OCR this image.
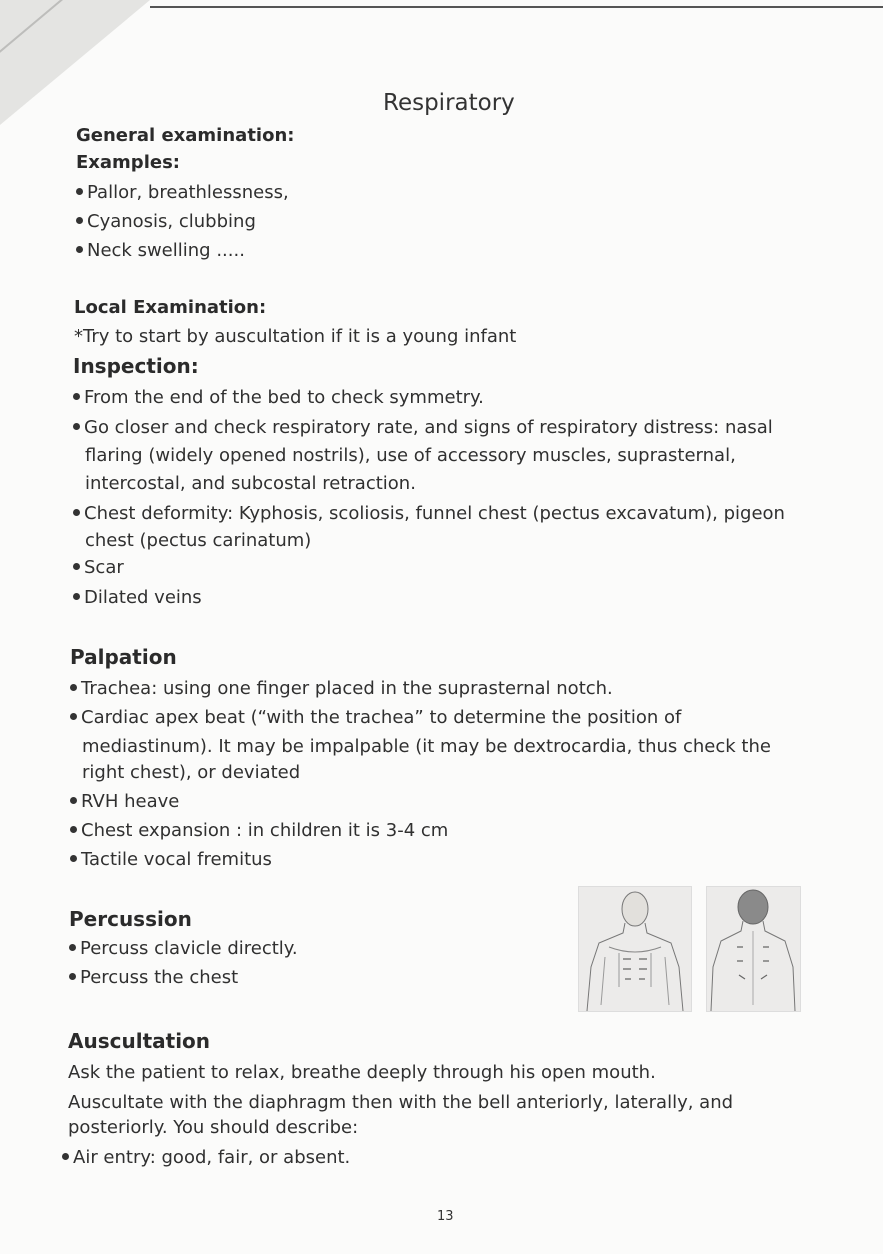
Respiratory
General examination:
Examples:
Pallor, breathlessness,
Cyanosis, clubbing
Neck swelling .....
Local Examination:
*Try to start by auscultation if it is a young infant
Inspection:
From the end of the bed to check symmetry.
Go closer and check respiratory rate, and signs of respiratory distress: nasal
flaring (widely opened nostrils), use of accessory muscles, suprasternal,
intercostal, and subcostal retraction.
Chest deformity: Kyphosis, scoliosis, funnel chest (pectus excavatum), pigeon
chest (pectus carinatum)
Scar
Dilated veins
Palpation
Trachea: using one finger placed in the suprasternal notch.
Cardiac apex beat (“with the trachea” to determine the position of
mediastinum). It may be impalpable (it may be dextrocardia, thus check the
right chest), or deviated
RVH heave
Chest expansion : in children it is 3-4 cm
Tactile vocal fremitus
Percussion
Percuss clavicle directly.
Percuss the chest
Auscultation
Ask the patient to relax, breathe deeply through his open mouth.
Auscultate with the diaphragm then with the bell anteriorly, laterally, and
posteriorly. You should describe:
Air entry: good, fair, or absent.
13
